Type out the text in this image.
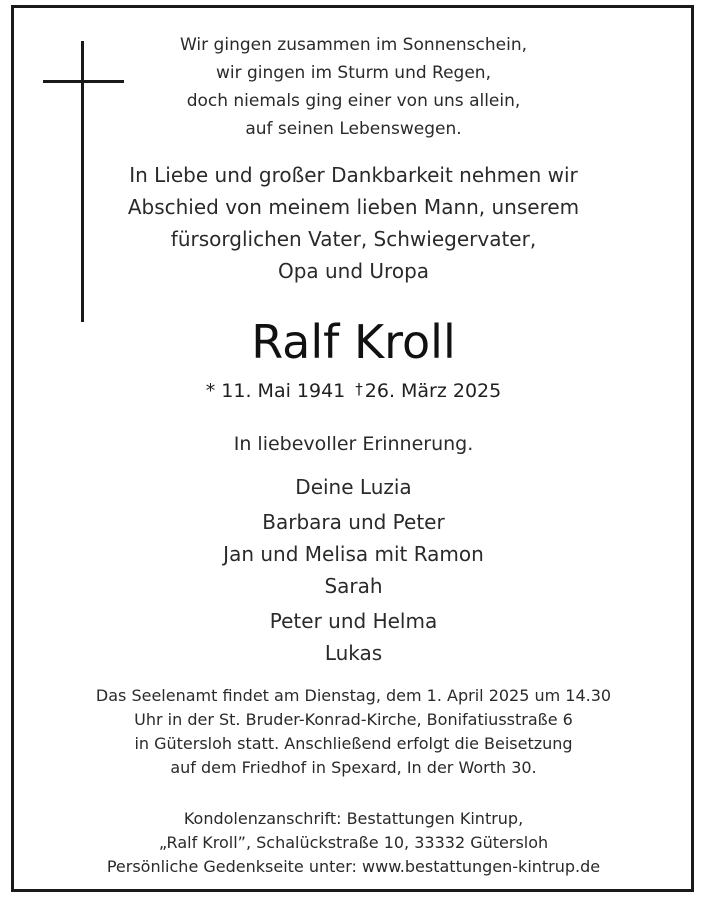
Wir gingen zusammen im Sonnenschein,
wir gingen im Sturm und Regen,
doch niemals ging einer von uns allein,
auf seinen Lebenswegen.
In Liebe und großer Dankbarkeit nehmen wir
Abschied von meinem lieben Mann, unserem
fürsorglichen Vater, Schwiegervater,
Opa und Uropa
Ralf Kroll
* 11. Mai 1941 † 26. März 2025
In liebevoller Erinnerung.
Deine Luzia
Barbara und Peter
Jan und Melisa mit Ramon
Sarah
Peter und Helma
Lukas
Das Seelenamt findet am Dienstag, dem 1. April 2025 um 14.30
Uhr in der St. Bruder-Konrad-Kirche, Bonifatiusstraße 6
in Gütersloh statt. Anschließend erfolgt die Beisetzung
auf dem Friedhof in Spexard, In der Worth 30.
Kondolenzanschrift: Bestattungen Kintrup,
„Ralf Kroll”, Schalückstraße 10, 33332 Gütersloh
Persönliche Gedenkseite unter: www.bestattungen-kintrup.de
